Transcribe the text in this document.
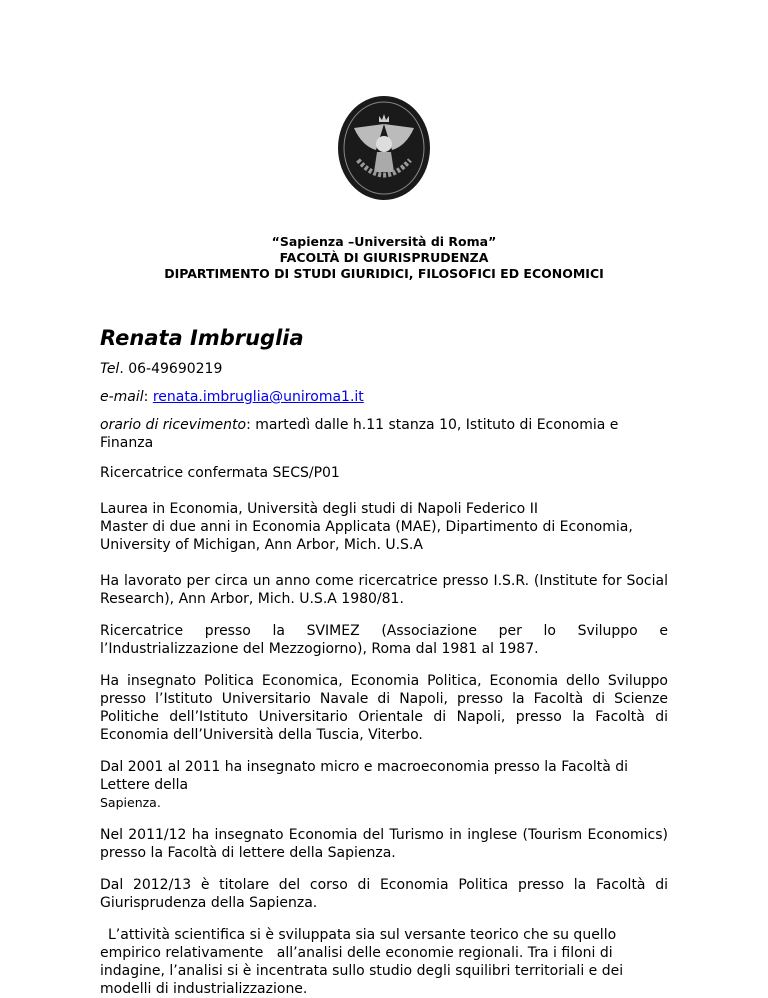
“Sapienza –Università di Roma”
FACOLTÀ DI GIURISPRUDENZA
DIPARTIMENTO DI STUDI GIURIDICI, FILOSOFICI ED ECONOMICI
Renata Imbruglia
Tel. 06-49690219
e-mail: renata.imbruglia@uniroma1.it
orario di ricevimento: martedì dalle h.11 stanza 10, Istituto di Economia e Finanza
Ricercatrice confermata SECS/P01
Laurea in Economia, Università degli studi di Napoli Federico II
Master di due anni in Economia Applicata (MAE), Dipartimento di Economia, University of Michigan, Ann Arbor, Mich. U.S.A
Ha lavorato per circa un anno come ricercatrice presso I.S.R. (Institute for Social Research), Ann Arbor, Mich. U.S.A 1980/81.
Ricercatrice presso la SVIMEZ (Associazione per lo Sviluppo e l’Industrializzazione del Mezzogiorno), Roma dal 1981 al 1987.
Ha insegnato Politica Economica, Economia Politica, Economia dello Sviluppo presso l’Istituto Universitario Navale di Napoli, presso la Facoltà di Scienze Politiche dell’Istituto Universitario Orientale di Napoli, presso la Facoltà di Economia dell’Università della Tuscia, Viterbo.
Dal 2001 al 2011 ha insegnato micro e macroeconomia presso la Facoltà di Lettere della
Sapienza.
Nel 2011/12 ha insegnato Economia del Turismo in inglese (Tourism Economics) presso la Facoltà di lettere della Sapienza.
Dal 2012/13 è titolare del corso di Economia Politica presso la Facoltà di Giurisprudenza della Sapienza.
L’attività scientifica si è sviluppata sia sul versante teorico che su quello empirico relativamente   all’analisi delle economie regionali. Tra i filoni di indagine, l’analisi si è incentrata sullo studio degli squilibri territoriali e dei modelli di industrializzazione.
